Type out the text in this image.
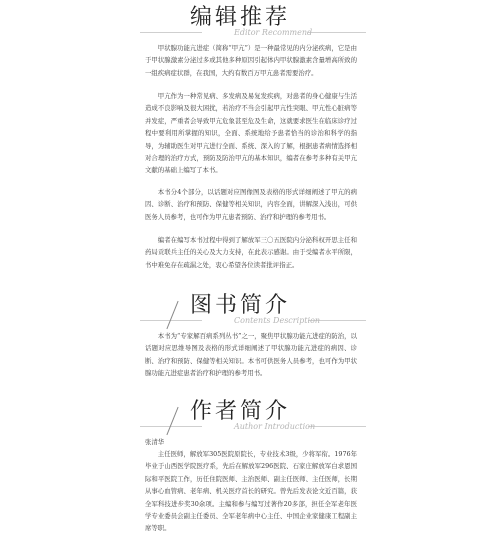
编辑推荐
Editor Recommend

甲状腺功能亢进症（简称“甲亢”）是一种最常见的内分泌疾病，它是由于甲状腺激素分泌过多或其他多种原因引起体内甲状腺激素含量增高所致的一组疾病症状群，在我国，大约有数百万甲亢患者需要治疗。

甲亢作为一种常见病、多发病及易复发疾病，对患者的身心健康与生活造成不良影响及很大困扰，若治疗不当会引起甲亢性突眼、甲亢性心脏病等并发症，严重者会导致甲亢危象甚至危及生命，这就要求医生在临床诊疗过程中要利用所掌握的知识，全面、系统地给予患者恰当的诊治和科学的指导，为辅助医生对甲亢进行全面、系统、深入的了解，根据患者病情选择相对合理的治疗方式，预防及防治甲亢的基本知识，编者在参考多种有关甲亢文献的基础上编写了本书。

本书分4个部分，以话题对应图像图及表格的形式详细阐述了甲亢的病因、诊断、治疗和预防、保健等相关知识，内容全面，讲解深入浅出，可供医务人员参考，也可作为甲亢患者预防、治疗和护理的参考用书。

编者在编写本书过程中得到了解放军三〇五医院内分泌科权开思主任和药局贡联兵主任的关心及大力支持，在此表示感谢。由于受编者水平所限，书中难免存在疏漏之处，衷心希望各位读者批评指正。

图书简介
Contents Description

本书为“专家解百病系列丛书”之一，聚焦甲状腺功能亢进症的防治，以话题对应思维导图及表格的形式详细阐述了甲状腺功能亢进症的病因、诊断、治疗和预防、保健等相关知识。本书可供医务人员参考，也可作为甲状腺功能亢进症患者治疗和护理的参考用书。

作者简介
Author Introduction
张清华

主任医师，解放军305医院原院长，专业技术3级，少将军衔。1976年毕业于山西医学院医疗系，先后在解放军296医院、石家庄解放军白求恩国际和平医院工作，历任住院医师、主治医师、副主任医师、主任医师，长期从事心血管病、老年病、机关医疗首长的研究。曾先后发表论文近百篇，获全军科技进步奖30余项。主编和参与编写过著作20多部，担任全军老年医学专业委员会副主任委员、全军老年病中心主任、中国企业家健康工程副主席等职。
